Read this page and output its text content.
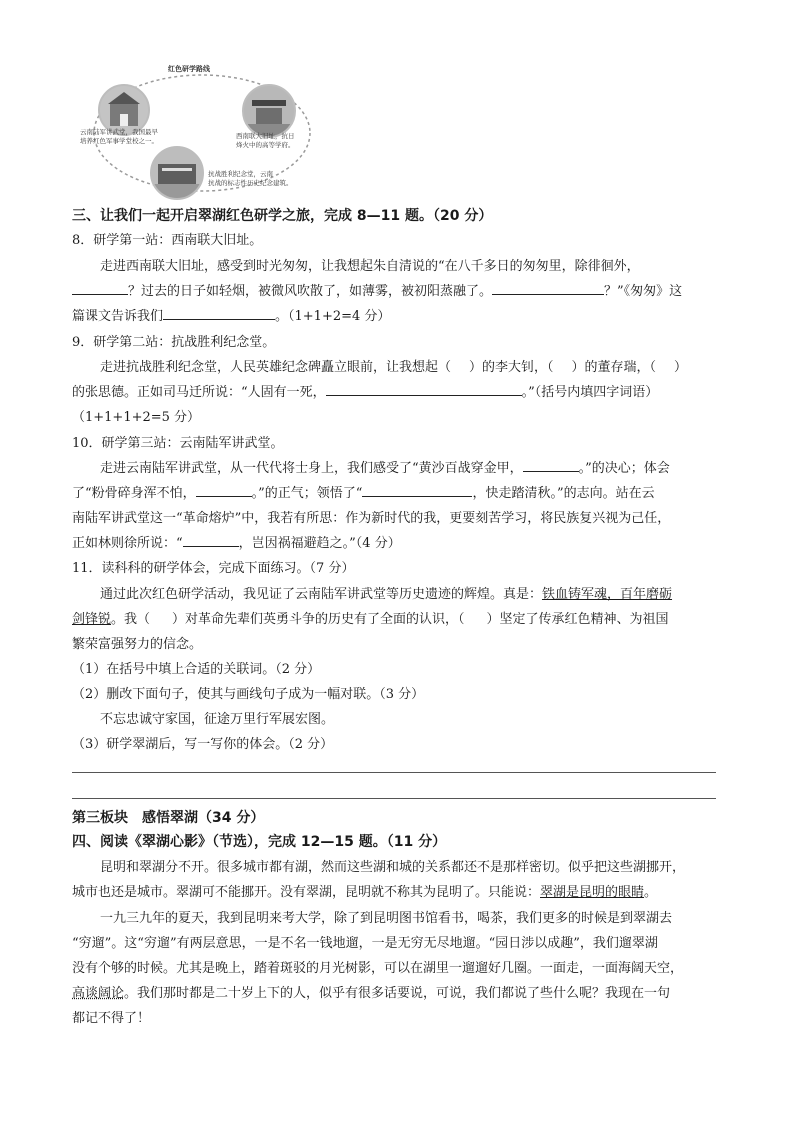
红色研学路线
云南陆军讲武堂，我国最早
培养红色军事学堂校之一。
西南联大旧址，抗日
烽火中的高等学府。
抗战胜利纪念堂，云南
抗战的标志性历史纪念建筑。
三、让我们一起开启翠湖红色研学之旅，完成 8—11 题。（20 分）
8．研学第一站：西南联大旧址。
走进西南联大旧址，感受到时光匆匆，让我想起朱自清说的“在八千多日的匆匆里，除徘徊外，
？过去的日子如轻烟，被微风吹散了，如薄雾，被初阳蒸融了。	？”《匆匆》这
篇课文告诉我们	。（1+1+2=4 分）
9．研学第二站：抗战胜利纪念堂。
走进抗战胜利纪念堂，人民英雄纪念碑矗立眼前，让我想起（ ）的李大钊，（ ）的董存瑞，（ ）
的张思德。正如司马迁所说：“人固有一死，	。”（括号内填四字词语）
（1+1+1+2=5 分）
10．研学第三站：云南陆军讲武堂。
走进云南陆军讲武堂，从一代代将士身上，我们感受了“黄沙百战穿金甲，	。”的决心；体会
了“粉骨碎身浑不怕，	。”的正气；领悟了“	，快走踏清秋。”的志向。站在云
南陆军讲武堂这一“革命熔炉”中，我若有所思：作为新时代的我，更要刻苦学习，将民族复兴视为己任，
正如林则徐所说：“	，岂因祸福避趋之。”（4 分）
11．读科科的研学体会，完成下面练习。（7 分）
通过此次红色研学活动，我见证了云南陆军讲武堂等历史遗迹的辉煌。真是：铁血铸军魂，百年磨砺
剑锋锐。我（ ）对革命先辈们英勇斗争的历史有了全面的认识，（ ）坚定了传承红色精神、为祖国
繁荣富强努力的信念。
（1）在括号中填上合适的关联词。（2 分）
（2）删改下面句子，使其与画线句子成为一幅对联。（3 分）
不忘忠诚守家国，征途万里行军展宏图。
（3）研学翠湖后，写一写你的体会。（2 分）
第三板块　感悟翠湖（34 分）
四、阅读《翠湖心影》（节选），完成 12—15 题。（11 分）
昆明和翠湖分不开。很多城市都有湖，然而这些湖和城的关系都还不是那样密切。似乎把这些湖挪开，
城市也还是城市。翠湖可不能挪开。没有翠湖，昆明就不称其为昆明了。只能说：翠湖是昆明的眼睛。
一九三九年的夏天，我到昆明来考大学，除了到昆明图书馆看书，喝茶，我们更多的时候是到翠湖去
“穷遛”。这“穷遛”有两层意思，一是不名一钱地遛，一是无穷无尽地遛。“园日涉以成趣”，我们遛翠湖
没有个够的时候。尤其是晚上，踏着斑驳的月光树影，可以在湖里一遛遛好几圈。一面走，一面海阔天空，
高谈阔论。我们那时都是二十岁上下的人，似乎有很多话要说，可说，我们都说了些什么呢？我现在一句
都记不得了！
